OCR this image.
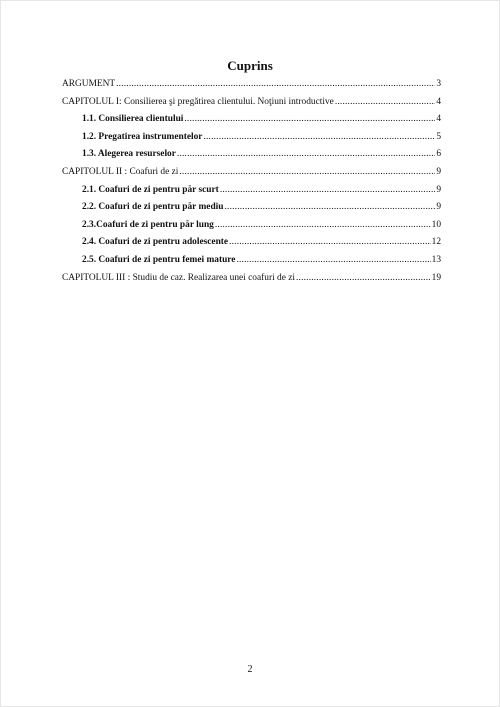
Cuprins
ARGUMENT .....	3
CAPITOLUL I: Consilierea şi pregătirea clientului. Noţiuni introductive .....	4
1.1. Consilierea clientului .....	4
1.2. Pregatirea instrumentelor .....	5
1.3. Alegerea resurselor .....	6
CAPITOLUL II : Coafuri de zi .....	9
2.1. Coafuri de zi pentru păr scurt .....	9
2.2. Coafuri de zi pentru păr mediu .....	9
2.3.Coafuri de zi pentru păr lung .....	10
2.4. Coafuri de zi pentru adolescente .....	12
2.5. Coafuri de zi pentru femei mature .....	13
CAPITOLUL III : Studiu de caz. Realizarea unei coafuri de zi .....	19
2
